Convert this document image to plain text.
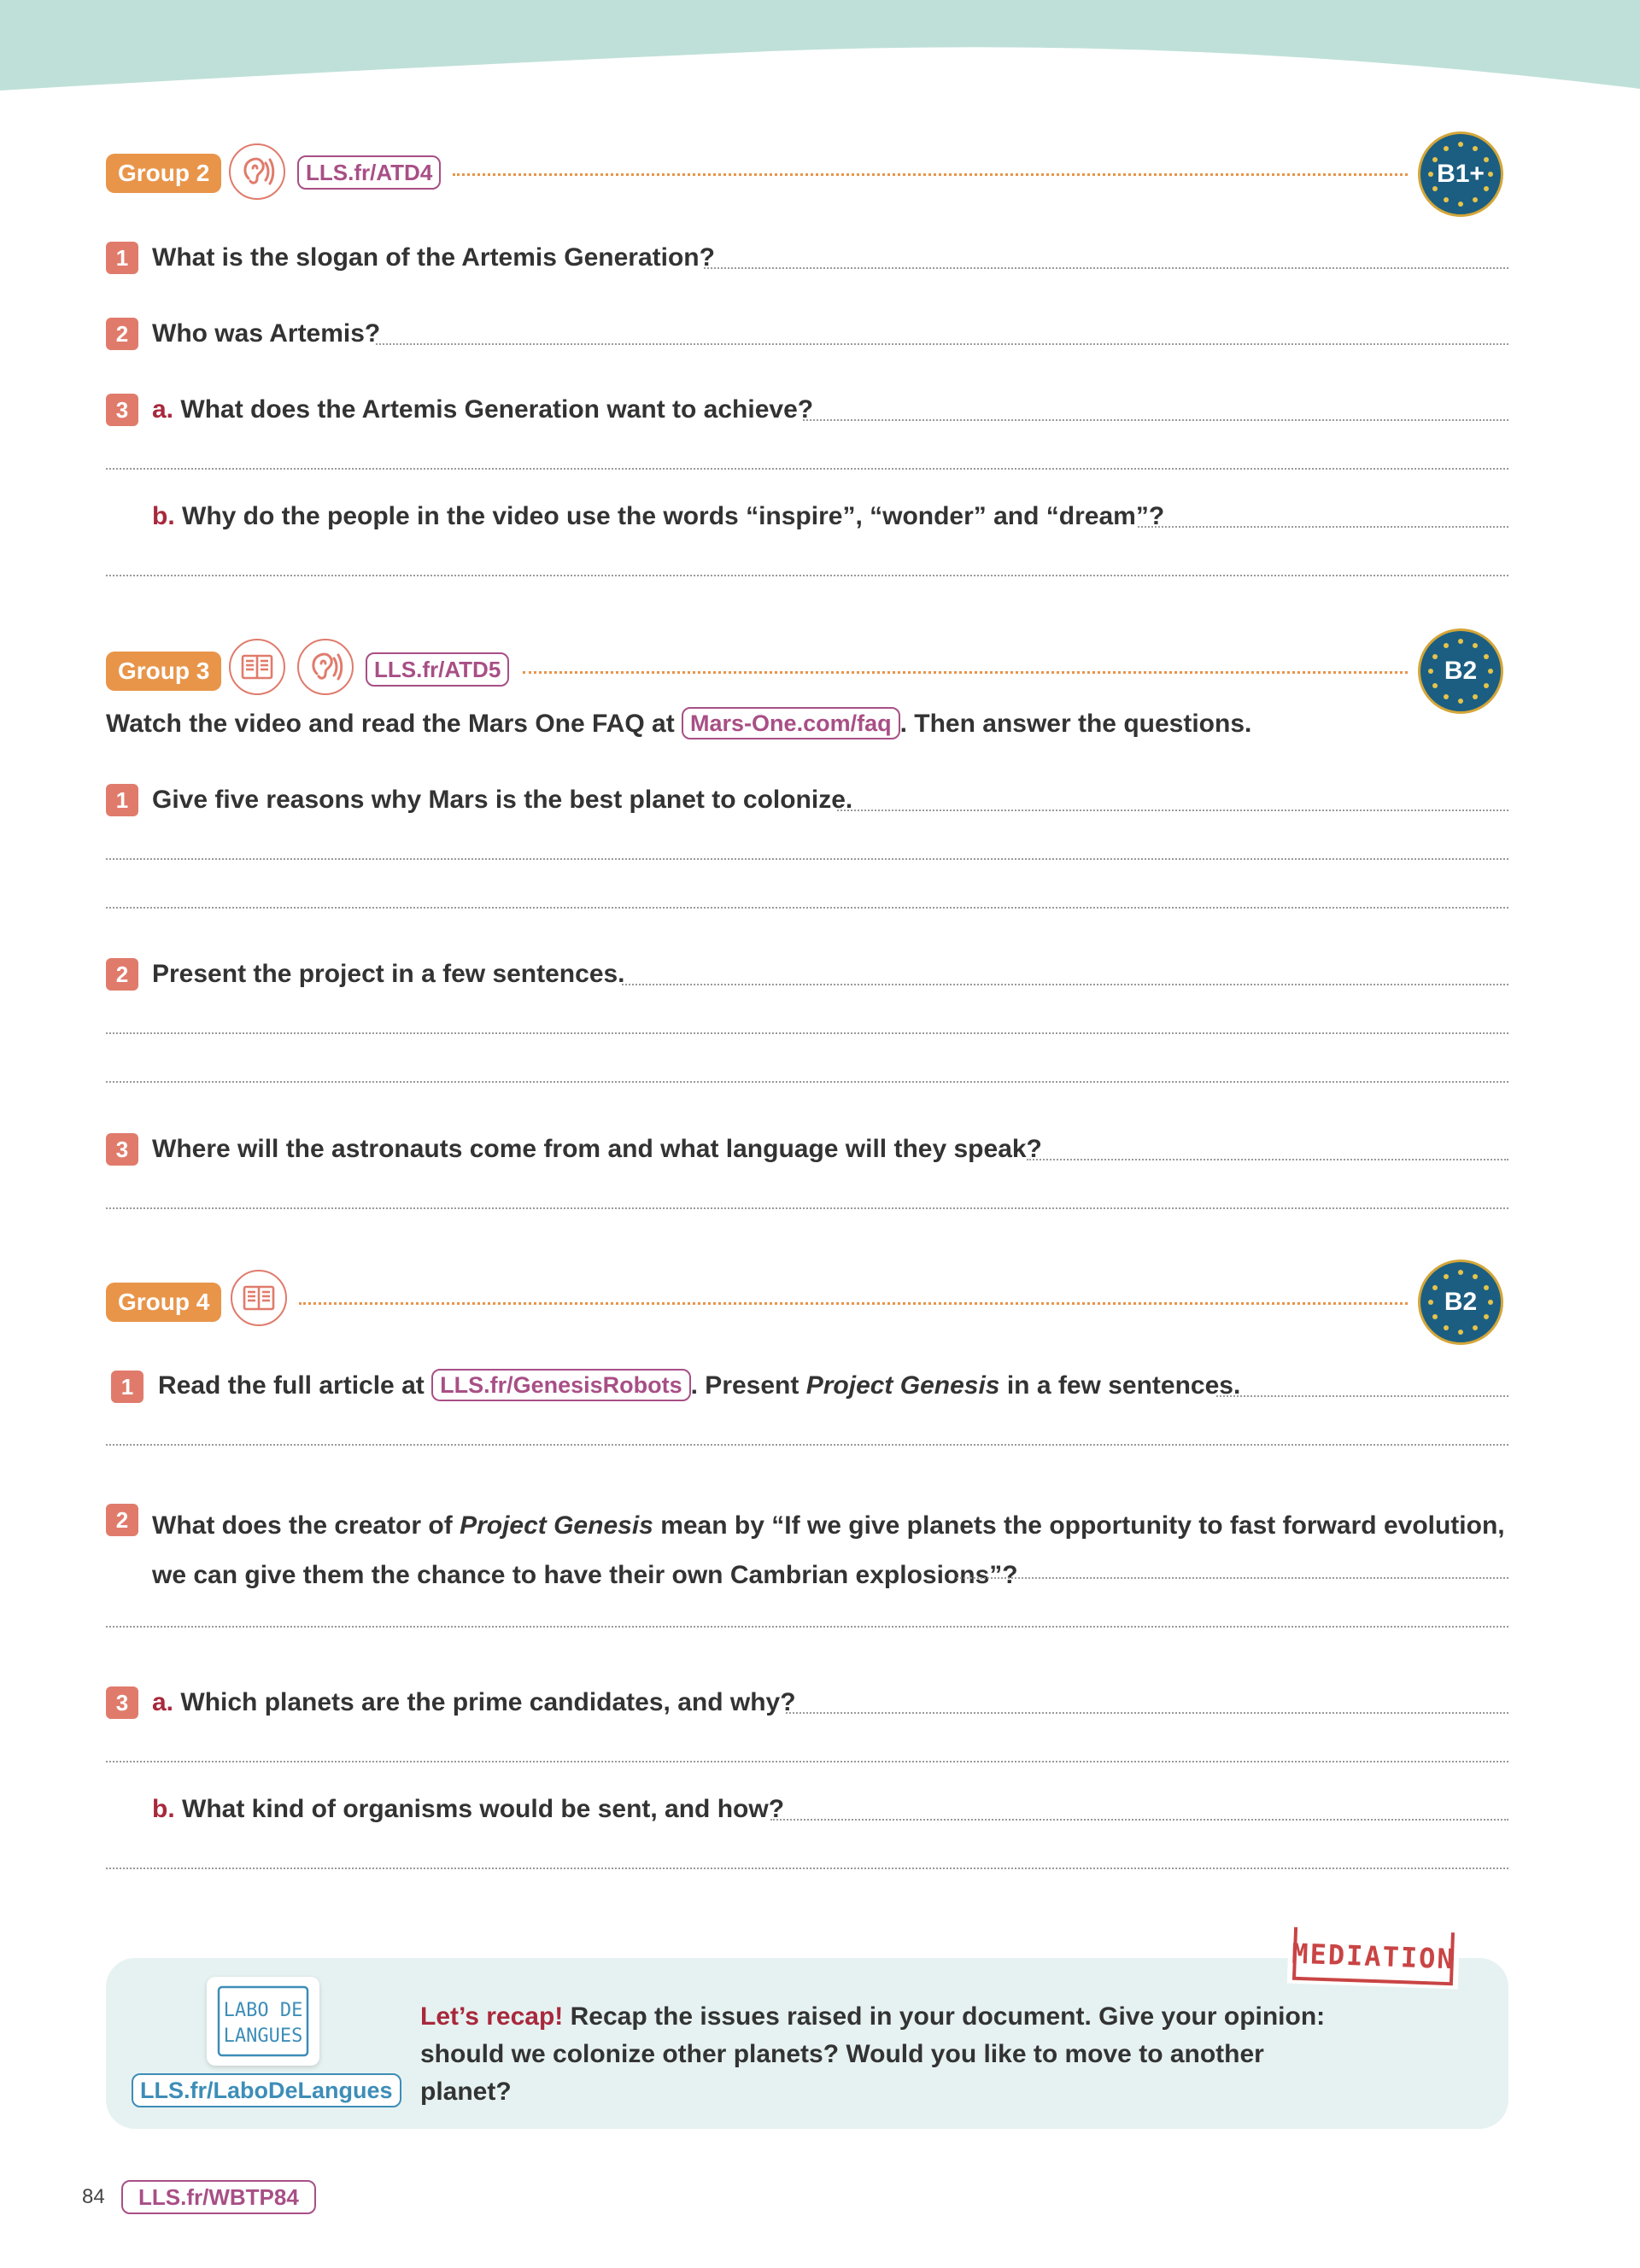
Group 2	LLS.fr/ATD4	B1+
1 What is the slogan of the Artemis Generation?
2 Who was Artemis?
3 a. What does the Artemis Generation want to achieve?
b. Why do the people in the video use the words “inspire”, “wonder” and “dream”?
Group 3	LLS.fr/ATD5	B2
Watch the video and read the Mars One FAQ at Mars-One.com/faq . Then answer the questions.
1 Give five reasons why Mars is the best planet to colonize.
2 Present the project in a few sentences.
3 Where will the astronauts come from and what language will they speak?
Group 4	B2
1 Read the full article at LLS.fr/GenesisRobots . Present Project Genesis in a few sentences.
2 What does the creator of Project Genesis mean by “If we give planets the opportunity to fast forward evolution, we can give them the chance to have their own Cambrian explosions”?
3 a. Which planets are the prime candidates, and why?
b. What kind of organisms would be sent, and how?
MEDIATION
LABO DE
LANGUES
LLS.fr/LaboDeLangues
Let’s recap! Recap the issues raised in your document. Give your opinion: should we colonize other planets? Would you like to move to another planet?
84	LLS.fr/WBTP84
